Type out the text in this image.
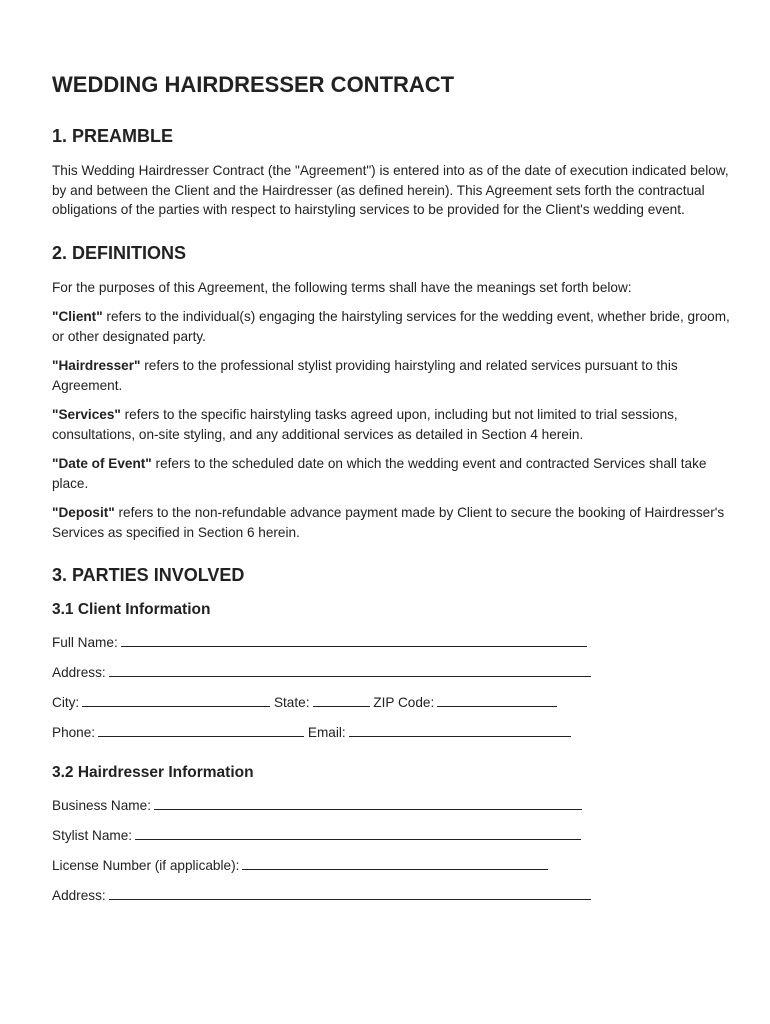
WEDDING HAIRDRESSER CONTRACT
1. PREAMBLE

This Wedding Hairdresser Contract (the "Agreement") is entered into as of the date of execution indicated below, by and between the Client and the Hairdresser (as defined herein). This Agreement sets forth the contractual obligations of the parties with respect to hairstyling services to be provided for the Client's wedding event.

2. DEFINITIONS

For the purposes of this Agreement, the following terms shall have the meanings set forth below:

"Client" refers to the individual(s) engaging the hairstyling services for the wedding event, whether bride, groom, or other designated party.

"Hairdresser" refers to the professional stylist providing hairstyling and related services pursuant to this Agreement.

"Services" refers to the specific hairstyling tasks agreed upon, including but not limited to trial sessions, consultations, on-site styling, and any additional services as detailed in Section 4 herein.

"Date of Event" refers to the scheduled date on which the wedding event and contracted Services shall take place.

"Deposit" refers to the non-refundable advance payment made by Client to secure the booking of Hairdresser's Services as specified in Section 6 herein.

3. PARTIES INVOLVED
3.1 Client Information
Full Name:
Address:
City:	State:	ZIP Code:
Phone:	Email:
3.2 Hairdresser Information
Business Name:
Stylist Name:
License Number (if applicable):
Address:
